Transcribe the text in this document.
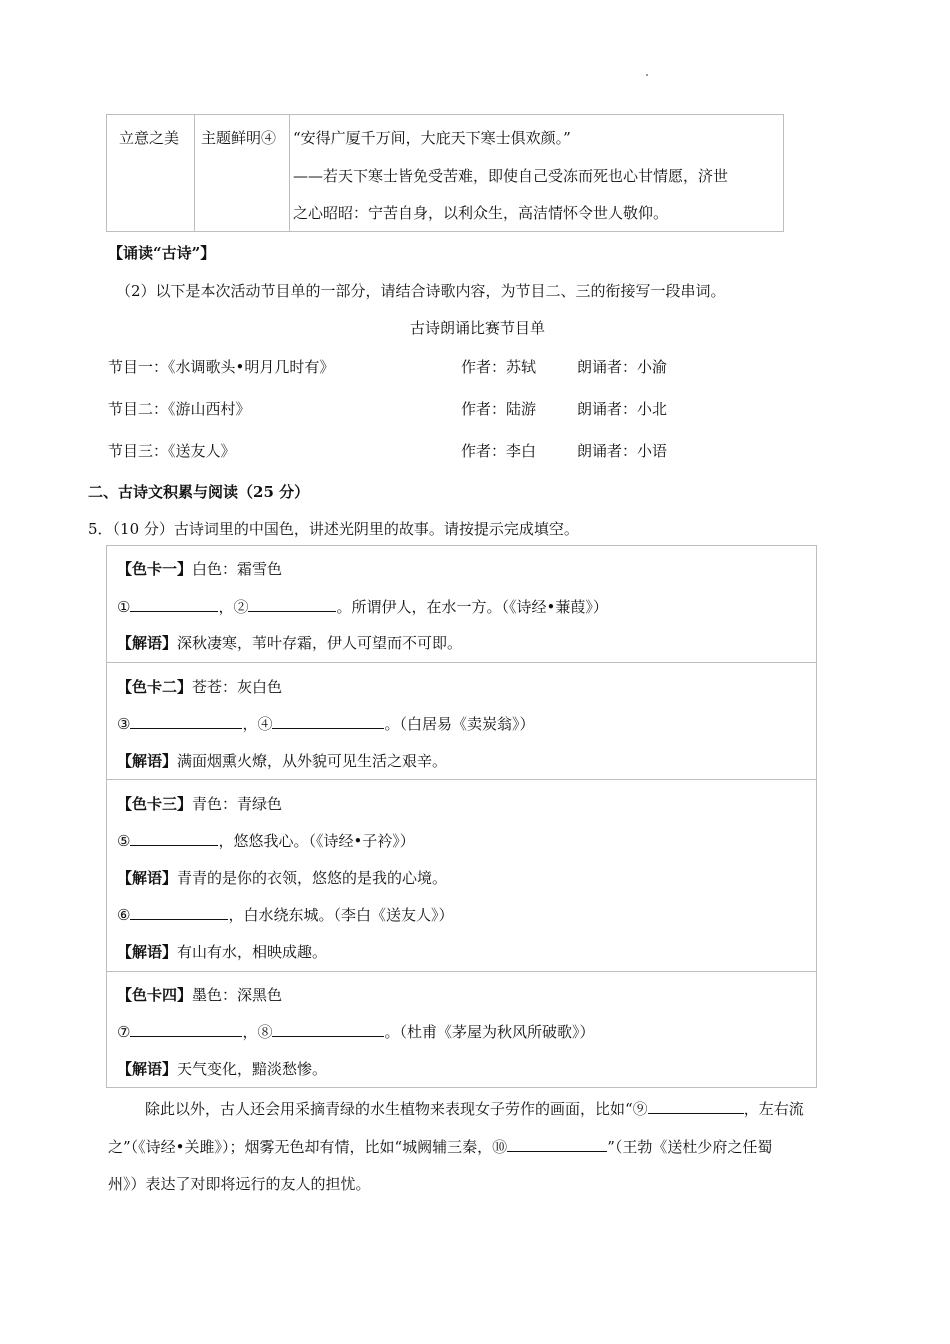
立意之美 主题鲜明④ “安得广厦千万间，大庇天下寒士俱欢颜。”
——若天下寒士皆免受苦难，即使自己受冻而死也心甘情愿，济世
之心昭昭：宁苦自身，以利众生，高洁情怀令世人敬仰。
【诵读“古诗”】
（2）以下是本次活动节目单的一部分，请结合诗歌内容，为节目二、三的衔接写一段串词。
古诗朗诵比赛节目单
节目一：《水调歌头•明月几时有》	作者：苏轼	朗诵者：小渝
节目二：《游山西村》	作者：陆游	朗诵者：小北
节目三：《送友人》	作者：李白	朗诵者：小语
二、古诗文积累与阅读（25 分）
5．（10 分）古诗词里的中国色，讲述光阴里的故事。请按提示完成填空。
【色卡一】白色：霜雪色
①	，②	。所谓伊人，在水一方。（《诗经•蒹葭》）
【解语】深秋凄寒，苇叶存霜，伊人可望而不可即。
【色卡二】苍苍：灰白色
③	，④	。（白居易《卖炭翁》）
【解语】满面烟熏火燎，从外貌可见生活之艰辛。
【色卡三】青色：青绿色
⑤	，悠悠我心。（《诗经•子衿》）
【解语】青青的是你的衣领，悠悠的是我的心境。
⑥	，白水绕东城。（李白《送友人》）
【解语】有山有水，相映成趣。
【色卡四】墨色：深黑色
⑦	，⑧	。（杜甫《茅屋为秋风所破歌》）
【解语】天气变化，黯淡愁惨。
除此以外，古人还会用采摘青绿的水生植物来表现女子劳作的画面，比如“⑨	，左右流
之”（《诗经•关雎》）；烟雾无色却有情，比如“城阙辅三秦，⑩	”（王勃《送杜少府之任蜀
州》）表达了对即将远行的友人的担忧。
